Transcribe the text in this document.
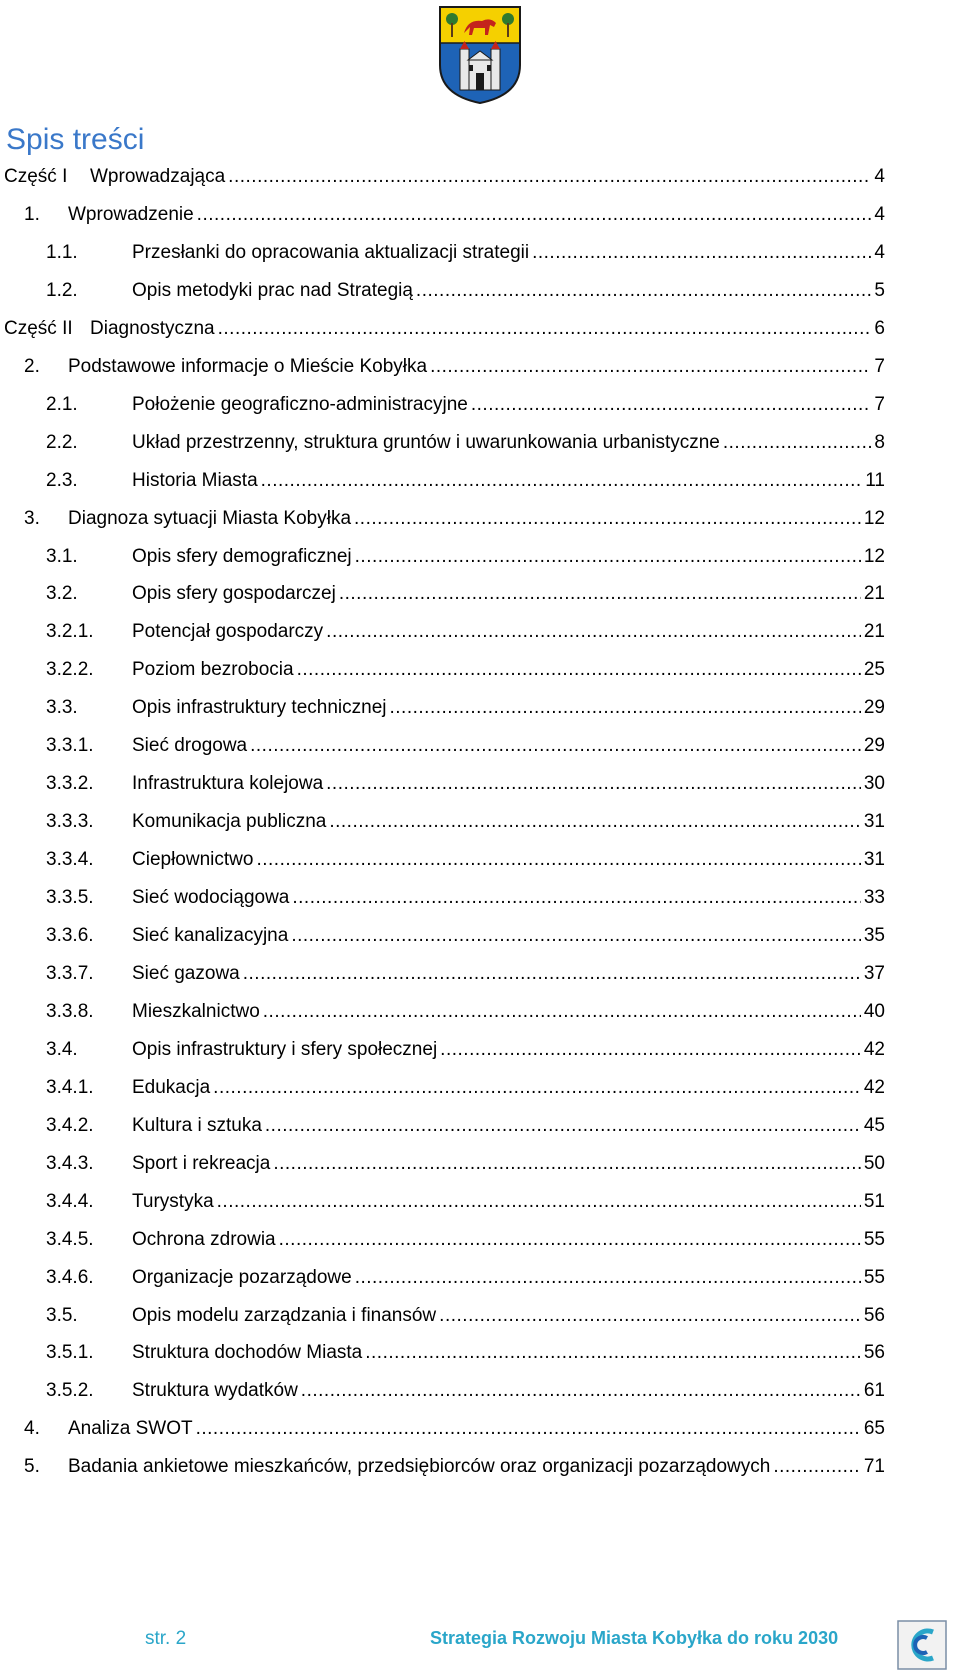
Spis treści
Część I	Wprowadzająca .....	4
1.	Wprowadzenie .....	4
1.1.	Przesłanki do opracowania aktualizacji strategii .....	4
1.2.	Opis metodyki prac nad Strategią .....	5
Część II Diagnostyczna .....	6
2.	Podstawowe informacje o Mieście Kobyłka .....	7
2.1.	Położenie geograficzno-administracyjne .....	7
2.2.	Układ przestrzenny, struktura gruntów i uwarunkowania urbanistyczne .....	8
2.3.	Historia Miasta .....	11
3.	Diagnoza sytuacji Miasta Kobyłka .....	12
3.1.	Opis sfery demograficznej .....	12
3.2.	Opis sfery gospodarczej .....	21
3.2.1.	Potencjał gospodarczy .....	21
3.2.2.	Poziom bezrobocia .....	25
3.3.	Opis infrastruktury technicznej .....	29
3.3.1.	Sieć drogowa .....	29
3.3.2.	Infrastruktura kolejowa .....	30
3.3.3.	Komunikacja publiczna .....	31
3.3.4.	Ciepłownictwo .....	31
3.3.5.	Sieć wodociągowa .....	33
3.3.6.	Sieć kanalizacyjna .....	35
3.3.7.	Sieć gazowa .....	37
3.3.8.	Mieszkalnictwo .....	40
3.4.	Opis infrastruktury i sfery społecznej .....	42
3.4.1.	Edukacja .....	42
3.4.2.	Kultura i sztuka .....	45
3.4.3.	Sport i rekreacja .....	50
3.4.4.	Turystyka .....	51
3.4.5.	Ochrona zdrowia .....	55
3.4.6.	Organizacje pozarządowe .....	55
3.5.	Opis modelu zarządzania i finansów .....	56
3.5.1.	Struktura dochodów Miasta .....	56
3.5.2.	Struktura wydatków .....	61
4.	Analiza SWOT .....	65
5.	Badania ankietowe mieszkańców, przedsiębiorców oraz organizacji pozarządowych .....	71
str. 2	Strategia Rozwoju Miasta Kobyłka do roku 2030
